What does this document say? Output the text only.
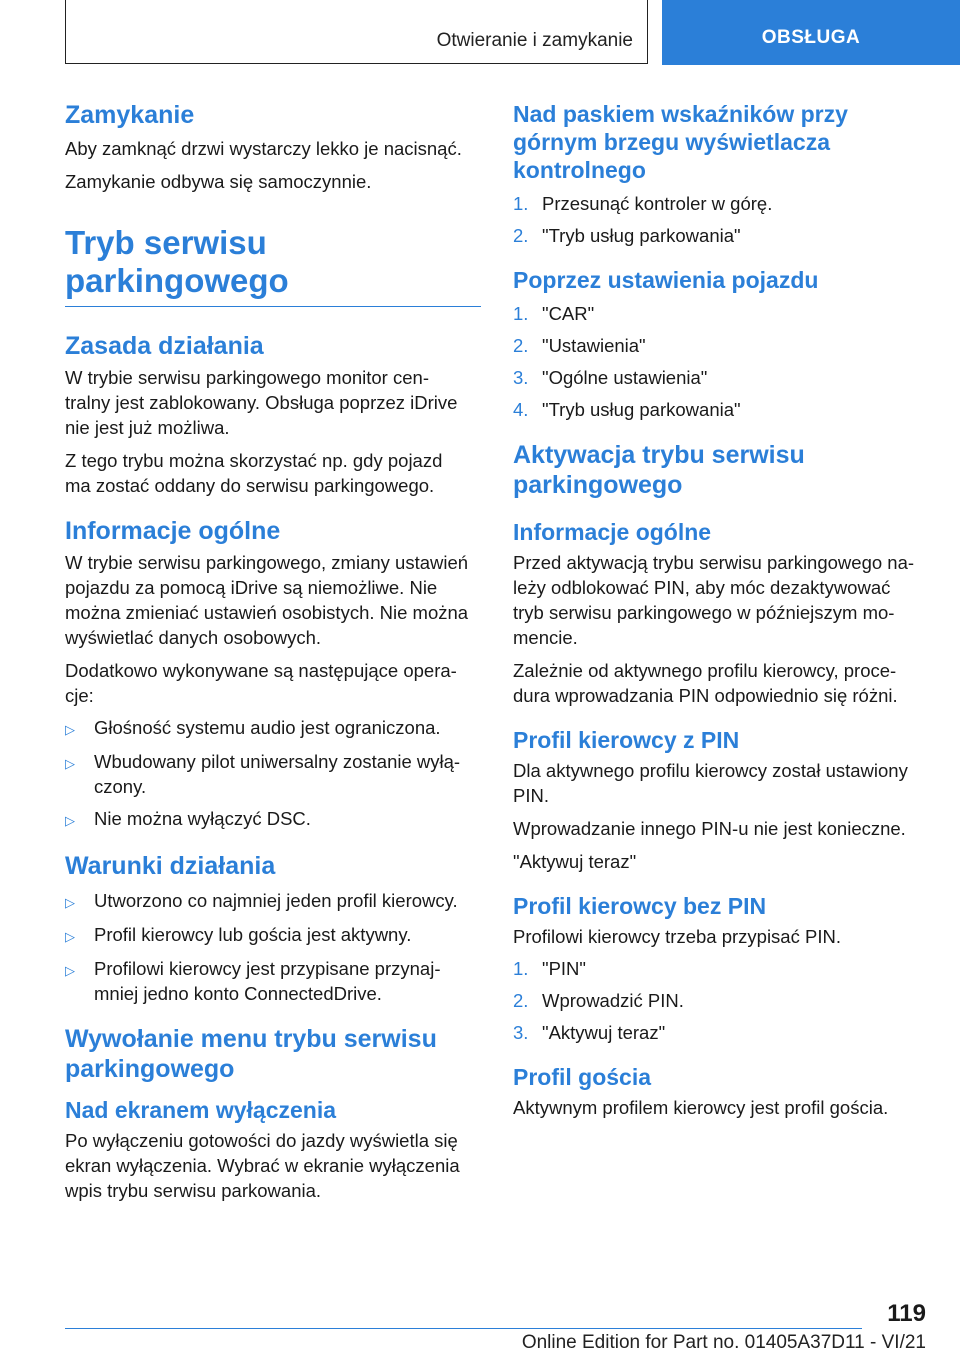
Otwieranie i zamykanie	OBSŁUGA
Zamykanie

Aby zamknąć drzwi wystarczy lekko je nacisnąć.

Zamykanie odbywa się samoczynnie.

Tryb serwisu
parkingowego
Zasada działania

W trybie serwisu parkingowego monitor cen-

tralny jest zablokowany. Obsługa poprzez iDrive

nie jest już możliwa.

Z tego trybu można skorzystać np. gdy pojazd

ma zostać oddany do serwisu parkingowego.

Informacje ogólne

W trybie serwisu parkingowego, zmiany ustawień

pojazdu za pomocą iDrive są niemożliwe. Nie

można zmieniać ustawień osobistych. Nie można

wyświetlać danych osobowych.

Dodatkowo wykonywane są następujące opera-

cje:

▷	Głośność systemu audio jest ograniczona.
▷	Wbudowany pilot uniwersalny zostanie wyłą-
czony.
▷	Nie można wyłączyć DSC.
Warunki działania
▷	Utworzono co najmniej jeden profil kierowcy.
▷	Profil kierowcy lub gościa jest aktywny.
▷	Profilowi kierowcy jest przypisane przynaj-
mniej jedno konto ConnectedDrive.
Wywołanie menu trybu serwisu
parkingowego
Nad ekranem wyłączenia

Po wyłączeniu gotowości do jazdy wyświetla się

ekran wyłączenia. Wybrać w ekranie wyłączenia

wpis trybu serwisu parkowania.

Nad paskiem wskaźników przy
górnym brzegu wyświetlacza
kontrolnego
1. Przesunąć kontroler w górę.
2. "Tryb usług parkowania"
Poprzez ustawienia pojazdu
1. "CAR"
2. "Ustawienia"
3. "Ogólne ustawienia"
4. "Tryb usług parkowania"
Aktywacja trybu serwisu
parkingowego
Informacje ogólne

Przed aktywacją trybu serwisu parkingowego na-

leży odblokować PIN, aby móc dezaktywować

tryb serwisu parkingowego w późniejszym mo-

mencie.

Zależnie od aktywnego profilu kierowcy, proce-

dura wprowadzania PIN odpowiednio się różni.

Profil kierowcy z PIN

Dla aktywnego profilu kierowcy został ustawiony

PIN.

Wprowadzanie innego PIN-u nie jest konieczne.

"Aktywuj teraz"

Profil kierowcy bez PIN

Profilowi kierowcy trzeba przypisać PIN.

1. "PIN"
2. Wprowadzić PIN.
3. "Aktywuj teraz"
Profil gościa

Aktywnym profilem kierowcy jest profil gościa.

119
Online Edition for Part no. 01405A37D11 - VI/21
